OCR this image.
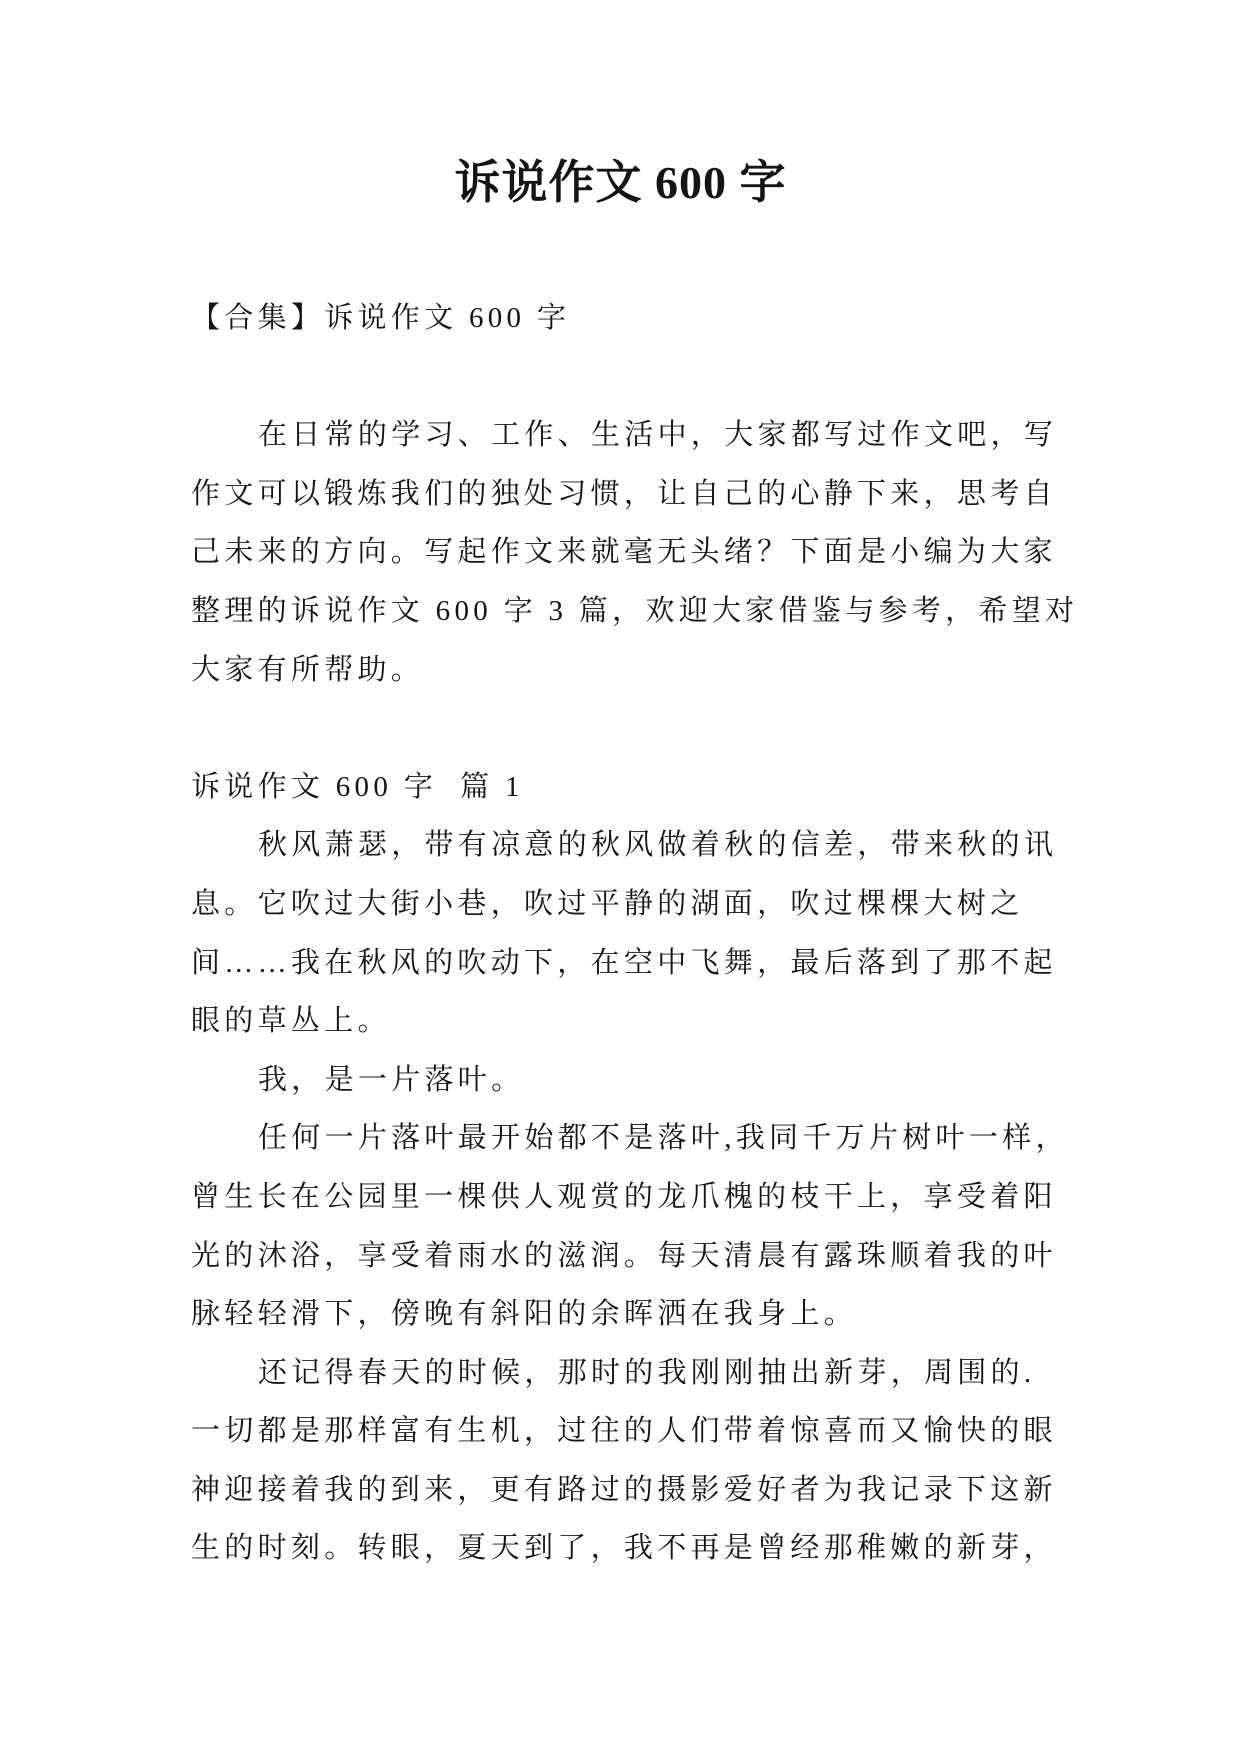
诉说作文 600 字
【合集】诉说作文 600 字
在日常的学习、工作、生活中，大家都写过作文吧，写
作文可以锻炼我们的独处习惯，让自己的心静下来，思考自
己未来的方向。写起作文来就毫无头绪？下面是小编为大家
整理的诉说作文 600 字 3 篇，欢迎大家借鉴与参考，希望对
大家有所帮助。
诉说作文 600 字  篇 1
秋风萧瑟，带有凉意的秋风做着秋的信差，带来秋的讯
息。它吹过大街小巷，吹过平静的湖面，吹过棵棵大树之
间……我在秋风的吹动下，在空中飞舞，最后落到了那不起
眼的草丛上。
我，是一片落叶。
任何一片落叶最开始都不是落叶,我同千万片树叶一样，
曾生长在公园里一棵供人观赏的龙爪槐的枝干上，享受着阳
光的沐浴，享受着雨水的滋润。每天清晨有露珠顺着我的叶
脉轻轻滑下，傍晚有斜阳的余晖洒在我身上。
还记得春天的时候，那时的我刚刚抽出新芽，周围的.
一切都是那样富有生机，过往的人们带着惊喜而又愉快的眼
神迎接着我的到来，更有路过的摄影爱好者为我记录下这新
生的时刻。转眼，夏天到了，我不再是曾经那稚嫩的新芽，
